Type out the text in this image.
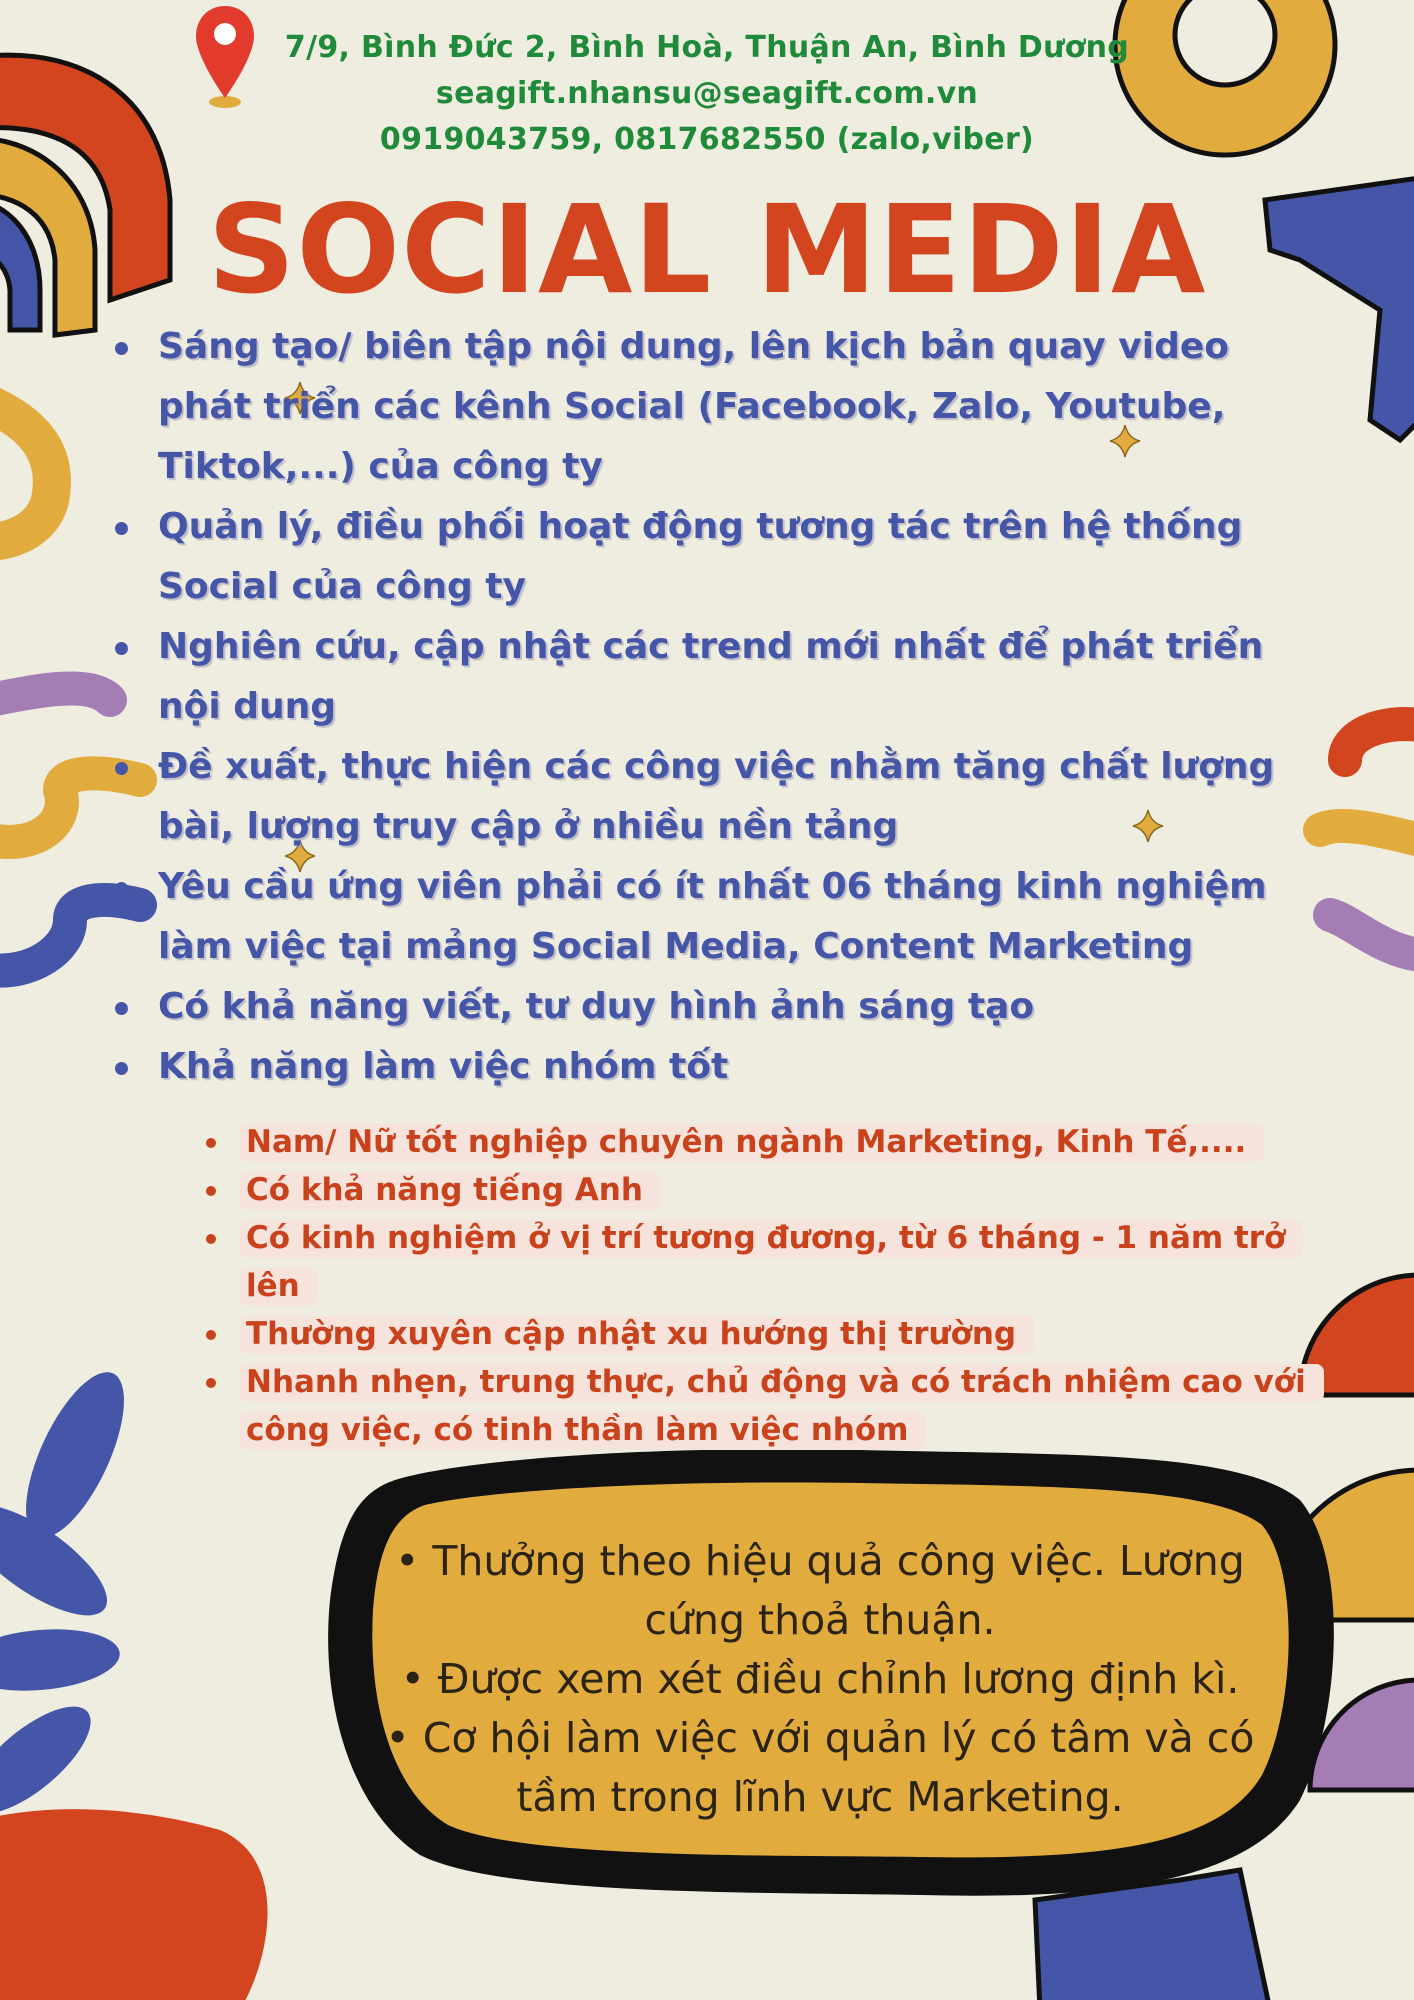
7/9, Bình Đức 2, Bình Hoà, Thuận An, Bình Dương
seagift.nhansu@seagift.com.vn
0919043759, 0817682550 (zalo,viber)
SOCIAL MEDIA
Sáng tạo/ biên tập nội dung, lên kịch bản quay video phát triển các kênh Social (Facebook, Zalo, Youtube, Tiktok,...) của công ty
Quản lý, điều phối hoạt động tương tác trên hệ thống Social của công ty
Nghiên cứu, cập nhật các trend mới nhất để phát triển nội dung
Đề xuất, thực hiện các công việc nhằm tăng chất lượng bài, lượng truy cập ở nhiều nền tảng
Yêu cầu ứng viên phải có ít nhất 06 tháng kinh nghiệm làm việc tại mảng Social Media, Content Marketing
Có khả năng viết, tư duy hình ảnh sáng tạo
Khả năng làm việc nhóm tốt
Nam/ Nữ tốt nghiệp chuyên ngành Marketing, Kinh Tế,....
Có khả năng tiếng Anh
Có kinh nghiệm ở vị trí tương đương, từ 6 tháng - 1 năm trở lên
Thường xuyên cập nhật xu hướng thị trường
Nhanh nhẹn, trung thực, chủ động và có trách nhiệm cao với công việc, có tinh thần làm việc nhóm
• Thưởng theo hiệu quả công việc. Lương cứng thoả thuận.
• Được xem xét điều chỉnh lương định kì.
• Cơ hội làm việc với quản lý có tâm và có tầm trong lĩnh vực Marketing.
